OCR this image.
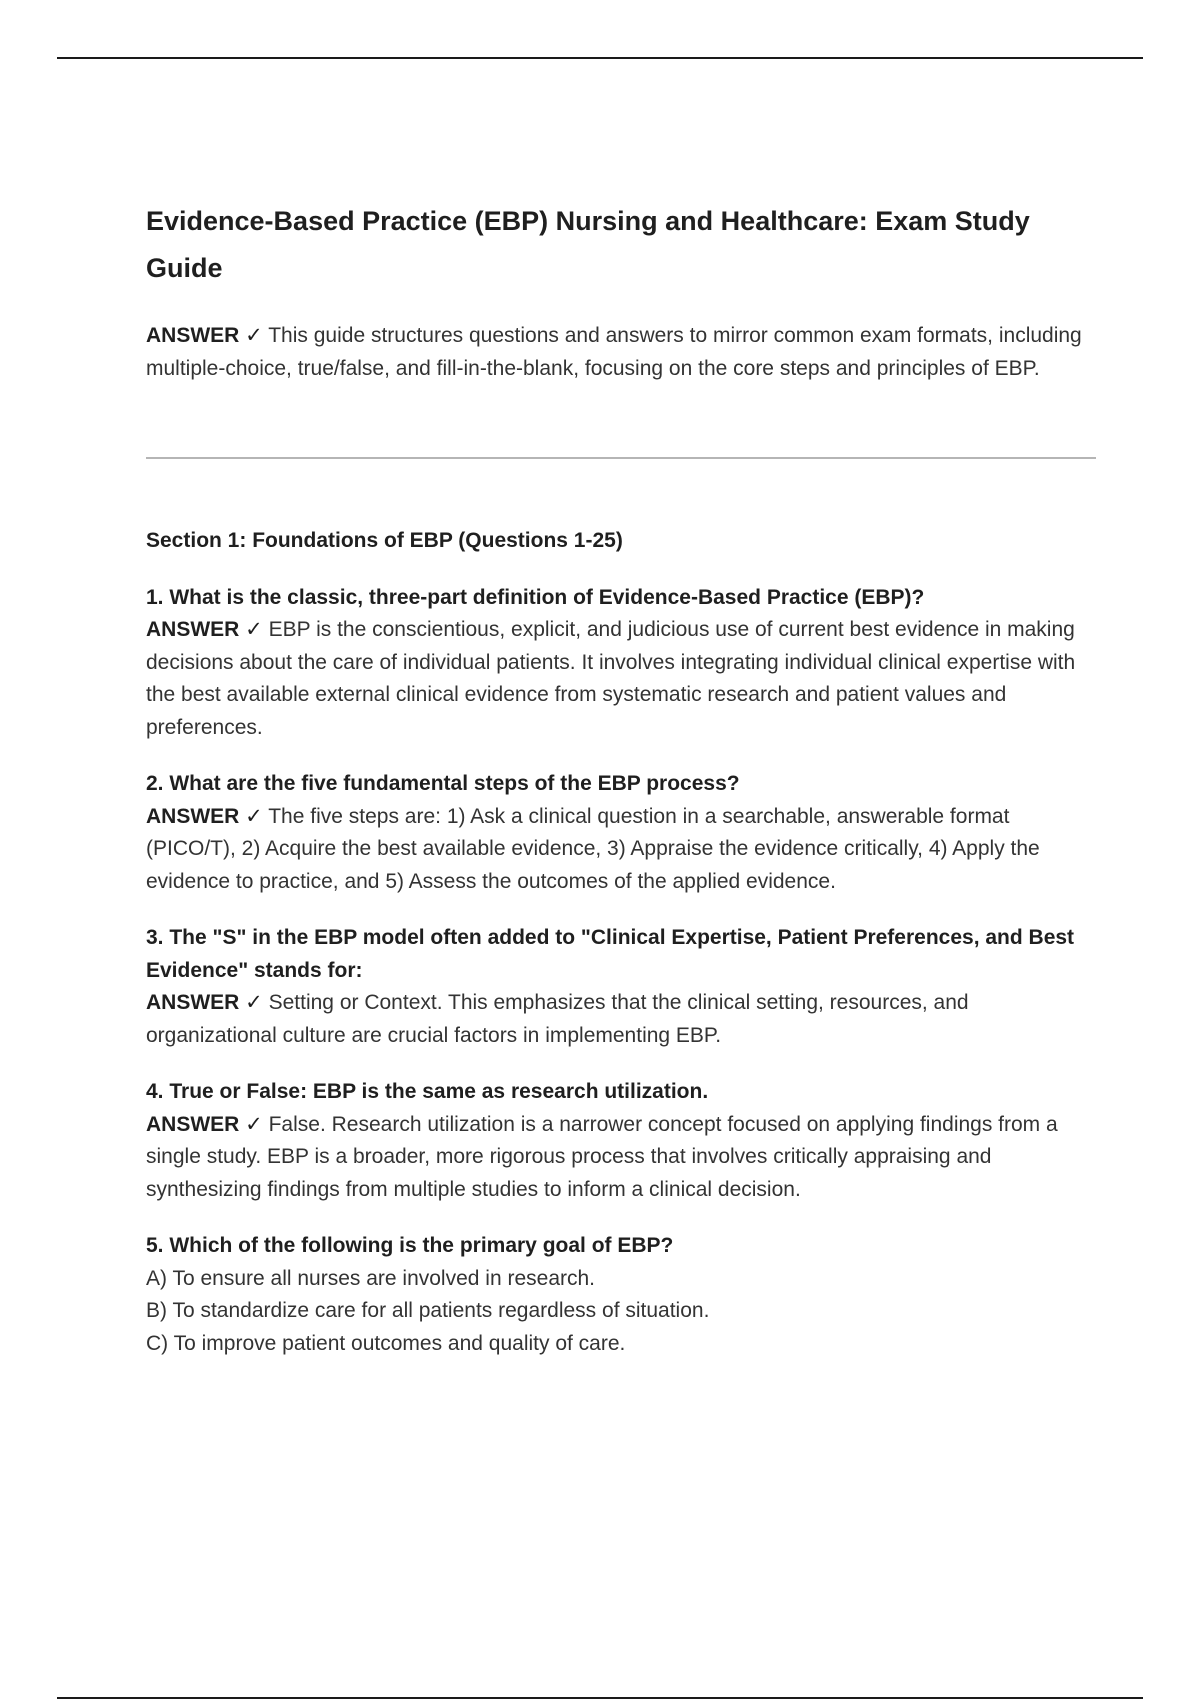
Evidence-Based Practice (EBP) Nursing and Healthcare: Exam Study Guide
ANSWER ✓ This guide structures questions and answers to mirror common exam formats, including multiple-choice, true/false, and fill-in-the-blank, focusing on the core steps and principles of EBP.
Section 1: Foundations of EBP (Questions 1-25)
1. What is the classic, three-part definition of Evidence-Based Practice (EBP)?
ANSWER ✓ EBP is the conscientious, explicit, and judicious use of current best evidence in making decisions about the care of individual patients. It involves integrating individual clinical expertise with the best available external clinical evidence from systematic research and patient values and preferences.
2. What are the five fundamental steps of the EBP process?
ANSWER ✓ The five steps are: 1) Ask a clinical question in a searchable, answerable format (PICO/T), 2) Acquire the best available evidence, 3) Appraise the evidence critically, 4) Apply the evidence to practice, and 5) Assess the outcomes of the applied evidence.
3. The "S" in the EBP model often added to "Clinical Expertise, Patient Preferences, and Best Evidence" stands for:
ANSWER ✓ Setting or Context. This emphasizes that the clinical setting, resources, and organizational culture are crucial factors in implementing EBP.
4. True or False: EBP is the same as research utilization.
ANSWER ✓ False. Research utilization is a narrower concept focused on applying findings from a single study. EBP is a broader, more rigorous process that involves critically appraising and synthesizing findings from multiple studies to inform a clinical decision.
5. Which of the following is the primary goal of EBP?
A) To ensure all nurses are involved in research.
B) To standardize care for all patients regardless of situation.
C) To improve patient outcomes and quality of care.
